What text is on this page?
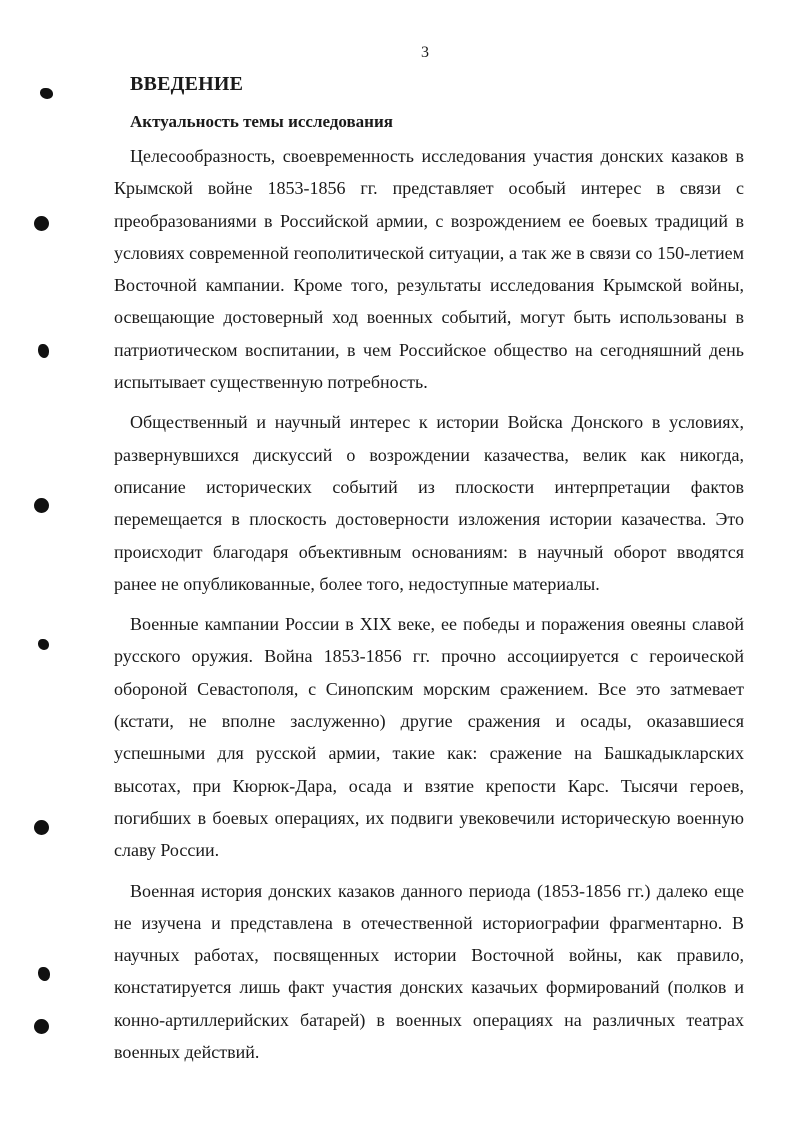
3
ВВЕДЕНИЕ
Актуальность темы исследования

Целесообразность, своевременность исследования участия донских казаков в Крымской войне 1853-1856 гг. представляет особый интерес в связи с преобразованиями в Российской армии, с возрождением ее боевых традиций в условиях современной геополитической ситуации, а так же в связи со 150-летием Восточной кампании. Кроме того, результаты исследования Крымской войны, освещающие достоверный ход военных событий, могут быть использованы в патриотическом воспитании, в чем Российское общество на сегодняшний день испытывает существенную потребность.

Общественный и научный интерес к истории Войска Донского в условиях, развернувшихся дискуссий о возрождении казачества, велик как никогда, описание исторических событий из плоскости интерпретации фактов перемещается в плоскость достоверности изложения истории казачества. Это происходит благодаря объективным основаниям: в научный оборот вводятся ранее не опубликованные, более того, недоступные материалы.

Военные кампании России в XIX веке, ее победы и поражения овеяны славой русского оружия. Война 1853-1856 гг. прочно ассоциируется с героической обороной Севастополя, с Синопским морским сражением. Все это затмевает (кстати, не вполне заслуженно) другие сражения и осады, оказавшиеся успешными для русской армии, такие как: сражение на Башкадыкларских высотах, при Кюрюк-Дара, осада и взятие крепости Карс. Тысячи героев, погибших в боевых операциях, их подвиги увековечили историческую военную славу России.

Военная история донских казаков данного периода (1853-1856 гг.) далеко еще не изучена и представлена в отечественной историографии фрагментарно. В научных работах, посвященных истории Восточной войны, как правило, констатируется лишь факт участия донских казачьих формирований (полков и конно-артиллерийских батарей) в военных операциях на различных театрах военных действий.
